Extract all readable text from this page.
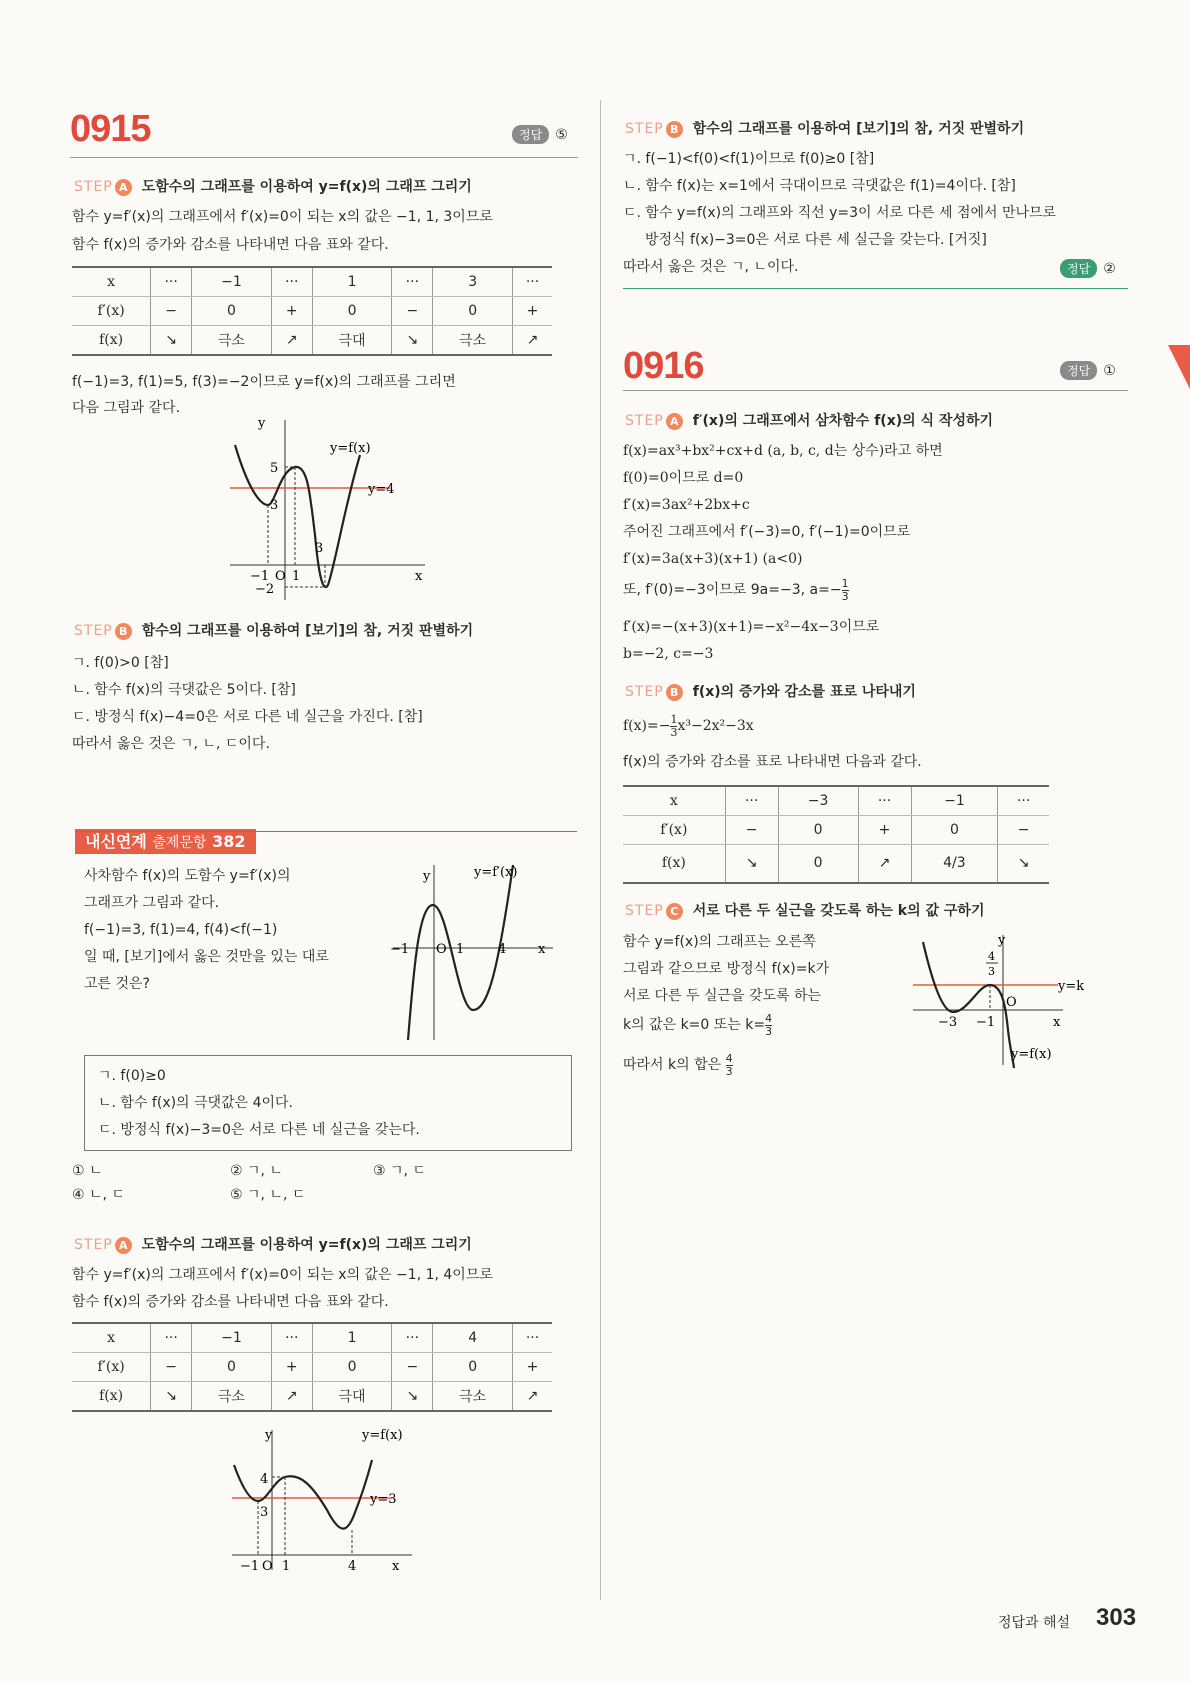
0915	정답 ⑤
STEP A 도함수의 그래프를 이용하여 y=f(x)의 그래프 그리기
함수 y=f′(x)의 그래프에서 f′(x)=0이 되는 x의 값은 −1, 1, 3이므로
함수 f(x)의 증가와 감소를 나타내면 다음 표와 같다.
x	···	−1	···	1	···	3	···
f′(x)	−	0	+	0	−	0	+
f(x)	↘	극소	↗	극대	↘	극소	↗
f(−1)=3, f(1)=5, f(3)=−2이므로 y=f(x)의 그래프를 그리면
다음 그림과 같다.
y
y=f(x)
y=4
5
3
3
3 −1 O 1
−2
x
STEP B 함수의 그래프를 이용하여 [보기]의 참, 거짓 판별하기
ㄱ. f(0)>0 [참]
ㄴ. 함수 f(x)의 극댓값은 5이다. [참]
ㄷ. 방정식 f(x)−4=0은 서로 다른 네 실근을 가진다. [참]
따라서 옳은 것은 ㄱ, ㄴ, ㄷ이다.
내신연계 출제문항 382
사차함수 f(x)의 도함수 y=f′(x)의
그래프가 그림과 같다.
f(−1)=3, f(1)=4, f(4)<f(−1)
일 때, [보기]에서 옳은 것만을 있는 대로
고른 것은?
y	y=f′(x)
−1 O 1	4 x
ㄱ. f(0)≥0
ㄴ. 함수 f(x)의 극댓값은 4이다.
ㄷ. 방정식 f(x)−3=0은 서로 다른 네 실근을 갖는다.
① ㄴ	② ㄱ, ㄴ	③ ㄱ, ㄷ
④ ㄴ, ㄷ	⑤ ㄱ, ㄴ, ㄷ
STEP A 도함수의 그래프를 이용하여 y=f(x)의 그래프 그리기
함수 y=f′(x)의 그래프에서 f′(x)=0이 되는 x의 값은 −1, 1, 4이므로
함수 f(x)의 증가와 감소를 나타내면 다음 표와 같다.
x	···	−1	···	1	···	4	···
f′(x)	−	0	+	0	−	0	+
f(x)	↘	극소	↗	극대	↘	극소	↗
y	y=f(x)
y=3
4
3
−1 O 1	4	x
STEP B 함수의 그래프를 이용하여 [보기]의 참, 거짓 판별하기
ㄱ. f(−1)<f(0)<f(1)이므로 f(0)≥0 [참]
ㄴ. 함수 f(x)는 x=1에서 극대이므로 극댓값은 f(1)=4이다. [참]
ㄷ. 함수 y=f(x)의 그래프와 직선 y=3이 서로 다른 세 점에서 만나므로
방정식 f(x)−3=0은 서로 다른 세 실근을 갖는다. [거짓]
따라서 옳은 것은 ㄱ, ㄴ이다.	정답 ②
0916	정답 ①
STEP A f′(x)의 그래프에서 삼차함수 f(x)의 식 작성하기
f(x)=ax³+bx²+cx+d (a, b, c, d는 상수)라고 하면
f(0)=0이므로 d=0
f′(x)=3ax²+2bx+c
주어진 그래프에서 f′(−3)=0, f′(−1)=0이므로
f′(x)=3a(x+3)(x+1) (a<0)
또, f′(0)=−3이므로 9a=−3, $a=- \frac{1}{3}$
f′(x)=−(x+3)(x+1)=−x²−4x−3이므로
b=−2, c=−3
STEP B f(x)의 증가와 감소를 표로 나타내기
$f(x)=- \frac{1}{3} x^3-2x^2-3x$
f(x)의 증가와 감소를 표로 나타내면 다음과 같다.
x	···	−3	···	−1	···
f′(x)	−	0	+	0	−
f(x)	↘	0	↗	4/3	↘
STEP C 서로 다른 두 실근을 갖도록 하는 k의 값 구하기
함수 y=f(x)의 그래프는 오른쪽
그림과 같으므로 방정식 f(x)=k가
서로 다른 두 실근을 갖도록 하는
k의 값은 k=0 또는 $k= \frac{4}{3}$
따라서 k의 합은 $\frac{4}{3}$
y
4
3
y=k
O
−3 −1	x
y=f(x)
정답과 해설 303
